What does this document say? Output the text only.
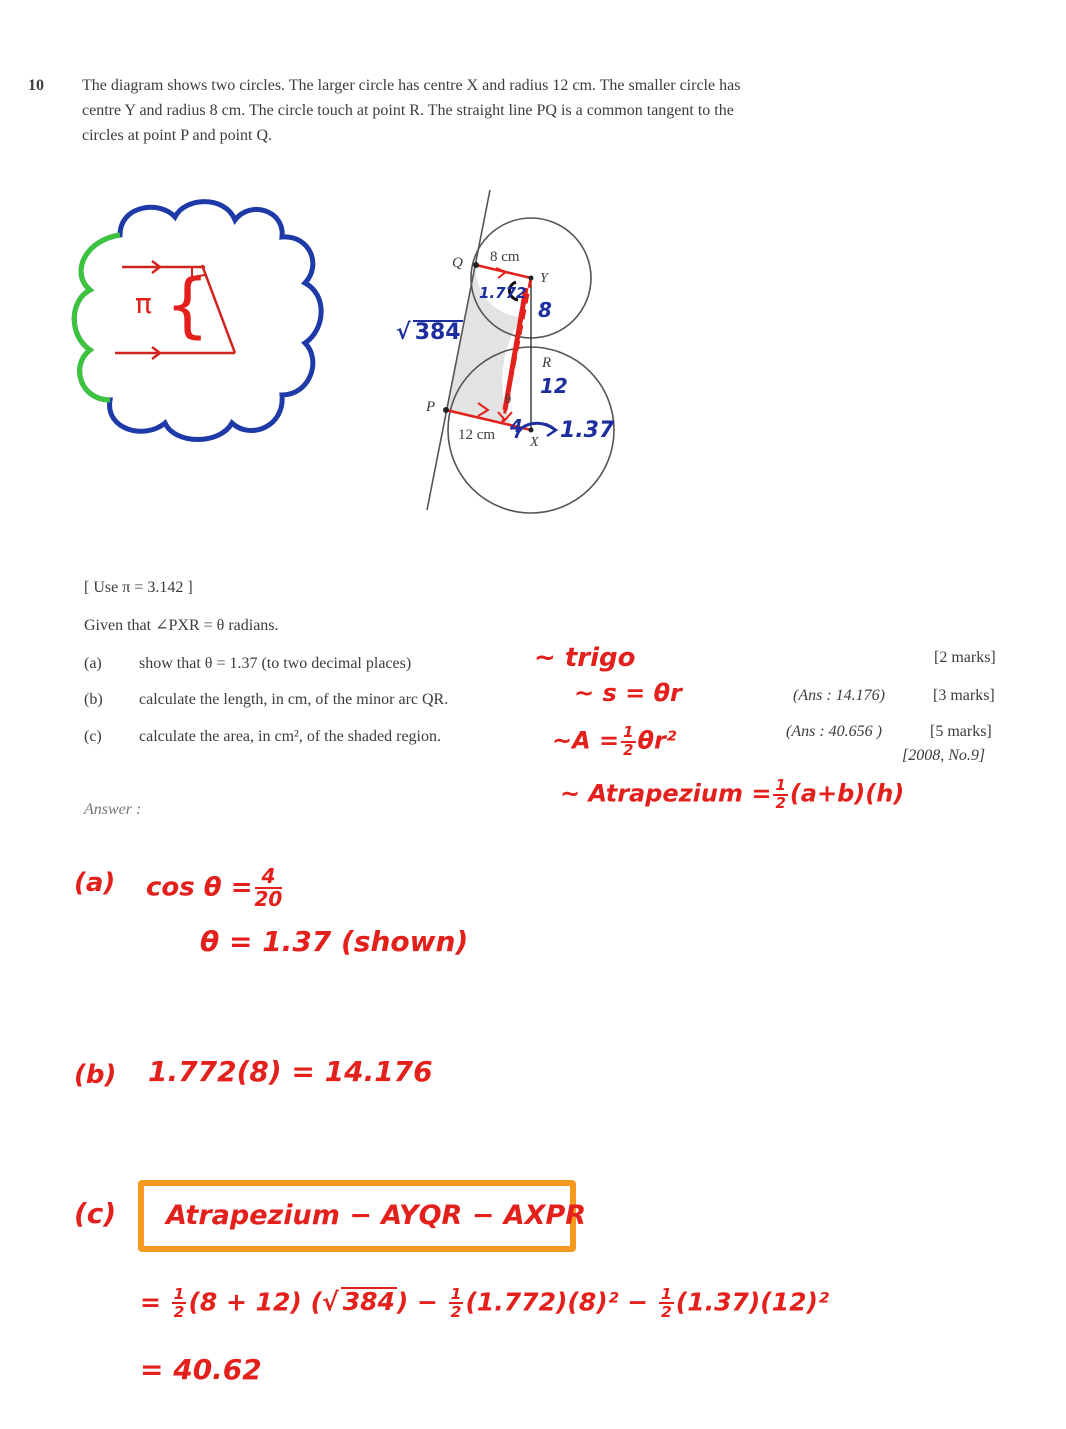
10 The diagram shows two circles. The larger circle has centre X and radius 12 cm. The smaller circle has
centre Y and radius 8 cm. The circle touch at point R. The straight line PQ is a common tangent to the
circles at point P and point Q.
π {
Q 8 cm
Y
R
P
θ
12 cm X
1.772
8
12
1.37
4
√ 384
[ Use π = 3.142 ]
Given that ∠PXR = θ radians.
(a) show that θ = 1.37 (to two decimal places)	[2 marks]
~ trigo
(b) calculate the length, in cm, of the minor arc QR.	(Ans : 14.176)	[3 marks]
~ s = θr
(c) calculate the area, in cm², of the shaded region.	(Ans : 40.656 )	[5 marks]
[2008, No.9]
~A = $\frac{1}{2} \theta r^2$
~ Atrapezium = $\frac{1}{2} (a+b)(h)$
Answer :
(a) $\cos \theta = \frac{4}{20}$
θ = 1.37 (shown)
(b) 1.772(8) = 14.176
(c) Atrapezium − AYQR − AXPR
= $\frac{1}{2} (8 + 12)$ (√ $384) - \frac{1}{2} (1.772)(8)^2 - \frac{1}{2} (1.37)(12)^2$
= 40.62
